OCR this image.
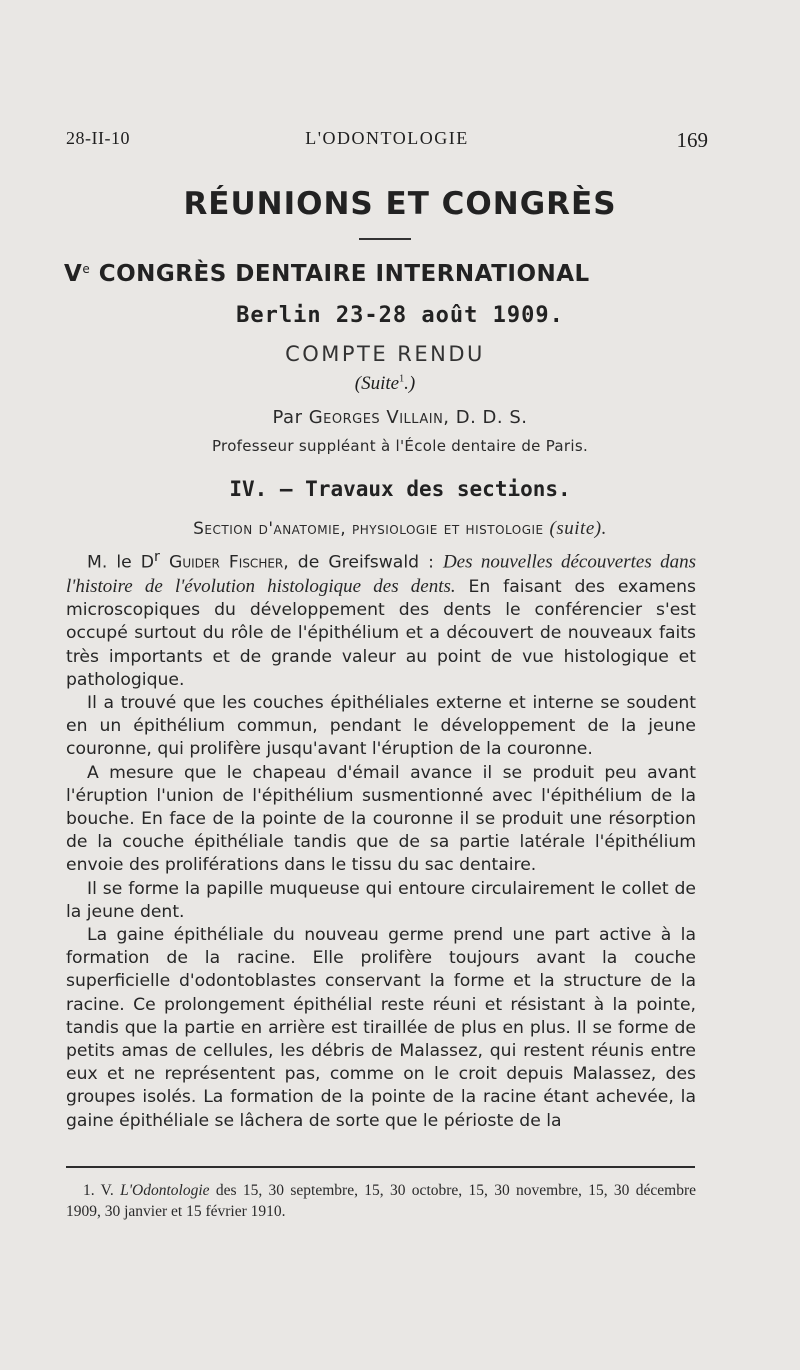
28-II-10	L'ODONTOLOGIE	169
RÉUNIONS ET CONGRÈS
Ve CONGRÈS DENTAIRE INTERNATIONAL
Berlin 23-28 août 1909.
COMPTE RENDU
(Suite$^1$.)
Par Georges Villain, D. D. S.
Professeur suppléant à l'École dentaire de Paris.
IV. — Travaux des sections.
Section d'anatomie, physiologie et histologie (suite).

M. le $D^r$ Guider Fischer, de Greifswald : Des nouvelles découvertes dans l'histoire de l'évolution histologique des dents. En faisant des examens microscopiques du développement des dents le conférencier s'est occupé surtout du rôle de l'épithélium et a découvert de nouveaux faits très importants et de grande valeur au point de vue histologique et pathologique.

Il a trouvé que les couches épithéliales externe et interne se soudent en un épithélium commun, pendant le développement de la jeune couronne, qui prolifère jusqu'avant l'éruption de la couronne.

A mesure que le chapeau d'émail avance il se produit peu avant l'éruption l'union de l'épithélium susmentionné avec l'épithélium de la bouche. En face de la pointe de la couronne il se produit une résorption de la couche épithéliale tandis que de sa partie latérale l'épithélium envoie des proliférations dans le tissu du sac dentaire.

Il se forme la papille muqueuse qui entoure circulairement le collet de la jeune dent.

La gaine épithéliale du nouveau germe prend une part active à la formation de la racine. Elle prolifère toujours avant la couche superficielle d'odontoblastes conservant la forme et la structure de la racine. Ce prolongement épithélial reste réuni et résistant à la pointe, tandis que la partie en arrière est tiraillée de plus en plus. Il se forme de petits amas de cellules, les débris de Malassez, qui restent réunis entre eux et ne représentent pas, comme on le croit depuis Malassez, des groupes isolés. La formation de la pointe de la racine étant achevée, la gaine épithéliale se lâchera de sorte que le périoste de la

1. V. L'Odontologie des 15, 30 septembre, 15, 30 octobre, 15, 30 novembre, 15, 30 décembre 1909, 30 janvier et 15 février 1910.
